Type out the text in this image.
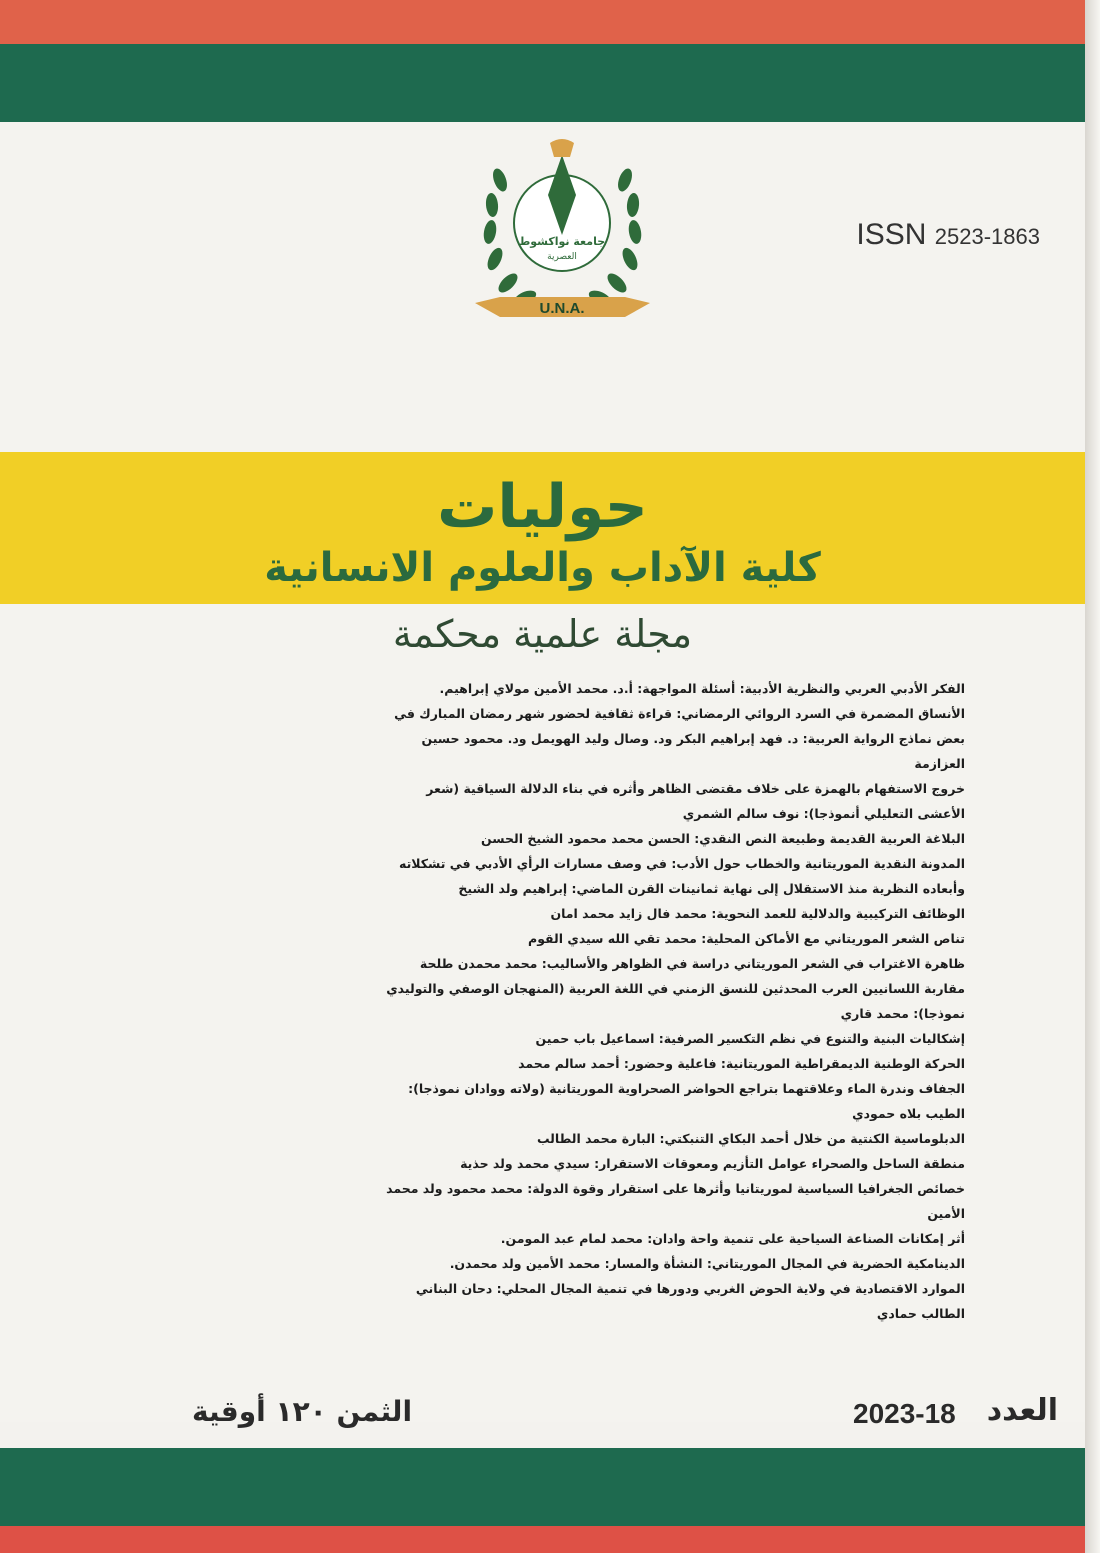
جامعة نواكشوط
العصرية
U.N.A.
ISSN 2523-1863
حوليات
كلية الآداب والعلوم الانسانية
مجلة علمية محكمة

الفكر الأدبي العربي والنظرية الأدبية: أسئلة المواجهة: أ.د. محمد الأمين مولاي إبراهيم.

الأنساق المضمرة في السرد الروائي الرمضاني: قراءة ثقافية لحضور شهر رمضان المبارك في بعض نماذج الرواية العربية: د. فهد إبراهيم البكر ود. وصال وليد الهويمل ود. محمود حسين العزازمة

خروج الاستفهام بالهمزة على خلاف مقتضى الظاهر وأثره في بناء الدلالة السياقية (شعر الأعشى التعليلي أنموذجا): نوف سالم الشمري

البلاغة العربية القديمة وطبيعة النص النقدي: الحسن محمد محمود الشيخ الحسن

المدونة النقدية الموريتانية والخطاب حول الأدب: في وصف مسارات الرأي الأدبي في تشكلاته وأبعاده النظرية منذ الاستقلال إلى نهاية ثمانينات القرن الماضي: إبراهيم ولد الشيخ

الوظائف التركيبية والدلالية للعمد النحوية: محمد فال زايد محمد امان

تناص الشعر الموريتاني مع الأماكن المحلية: محمد تقي الله سيدي القوم

ظاهرة الاغتراب في الشعر الموريتاني دراسة في الظواهر والأساليب: محمد محمدن طلحة

مقاربة اللسانيين العرب المحدثين للنسق الزمني في اللغة العربية (المنهجان الوصفي والتوليدي نموذجا): محمد قاري

إشكاليات البنية والتنوع في نظم التكسير الصرفية: اسماعيل باب حمين

الحركة الوطنية الديمقراطية الموريتانية: فاعلية وحضور: أحمد سالم محمد

الجفاف وندرة الماء وعلاقتهما بتراجع الحواضر الصحراوية الموريتانية (ولاته ووادان نموذجا): الطيب بلاه حمودي

الدبلوماسية الكنتية من خلال أحمد البكاي التنبكتي: البارة محمد الطالب

منطقة الساحل والصحراء عوامل التأزيم ومعوقات الاستقرار: سيدي محمد ولد حذية

خصائص الجغرافيا السياسية لموريتانيا وأثرها على استقرار وقوة الدولة: محمد محمود ولد محمد الأمين

أثر إمكانات الصناعة السياحية على تنمية واحة وادان: محمد لمام عبد المومن.

الدينامكية الحضرية في المجال الموريتاني: النشأة والمسار: محمد الأمين ولد محمدن.

الموارد الاقتصادية في ولاية الحوض الغربي ودورها في تنمية المجال المحلي: دحان البناني الطالب حمادي

الثمن ١٢٠ أوقية	2023-18 العدد
